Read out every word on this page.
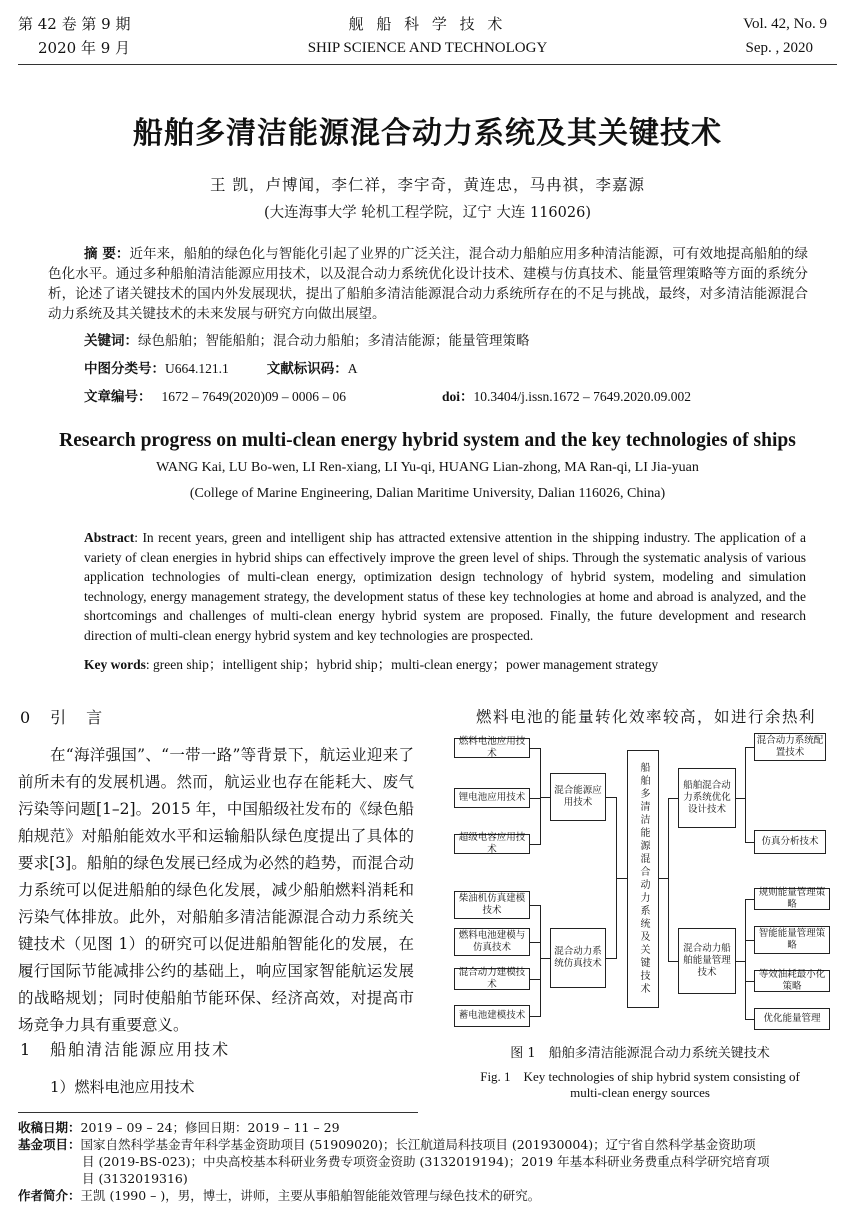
第 42 卷 第 9 期
2020 年 9 月
舰 船 科 学 技 术
SHIP SCIENCE AND TECHNOLOGY
Vol. 42, No. 9
Sep. , 2020
船舶多清洁能源混合动力系统及其关键技术
王 凯，卢博闻，李仁祥，李宇奇，黄连忠，马冉祺，李嘉源
(大连海事大学 轮机工程学院，辽宁 大连 116026)
摘 要：近年来，船舶的绿色化与智能化引起了业界的广泛关注，混合动力船舶应用多种清洁能源，可有效地提高船舶的绿色化水平。通过多种船舶清洁能源应用技术，以及混合动力系统优化设计技术、建模与仿真技术、能量管理策略等方面的系统分析，论述了诸关键技术的国内外发展现状，提出了船舶多清洁能源混合动力系统所存在的不足与挑战，最终，对多清洁能源混合动力系统及其关键技术的未来发展与研究方向做出展望。
关键词：绿色船舶；智能船舶；混合动力船舶；多清洁能源；能量管理策略
中图分类号：U664.121.1	文献标识码：A
文章编号： 1672 – 7649(2020)09 – 0006 – 06	doi：10.3404/j.issn.1672 – 7649.2020.09.002
Research progress on multi-clean energy hybrid system and the key technologies of ships
WANG Kai, LU Bo-wen, LI Ren-xiang, LI Yu-qi, HUANG Lian-zhong, MA Ran-qi, LI Jia-yuan
(College of Marine Engineering, Dalian Maritime University, Dalian 116026, China)
Abstract: In recent years, green and intelligent ship has attracted extensive attention in the shipping industry. The application of a variety of clean energies in hybrid ships can effectively improve the green level of ships. Through the systematic analysis of various application technologies of multi-clean energy, optimization design technology of hybrid system, modeling and simulation technology, energy management strategy, the development status of these key technologies at home and abroad is analyzed, and the shortcomings and challenges of multi-clean energy hybrid system are proposed. Finally, the future development and research direction of multi-clean energy hybrid system and key technologies are prospected.
Key words: green ship；intelligent ship；hybrid ship；multi-clean energy；power management strategy
0　引　言
在“海洋强国”、“一带一路”等背景下，航运业迎来了前所未有的发展机遇。然而，航运业也存在能耗大、废气污染等问题[1–2]。2015 年，中国船级社发布的《绿色船舶规范》对船舶能效水平和运输船队绿色度提出了具体的要求[3]。船舶的绿色发展已经成为必然的趋势，而混合动力系统可以促进船舶的绿色化发展，减少船舶燃料消耗和污染气体排放。此外，对船舶多清洁能源混合动力系统关键技术（见图 1）的研究可以促进船舶智能化的发展，在履行国际节能减排公约的基础上，响应国家智能航运发展的战略规划；同时使船舶节能环保、经济高效，对提高市场竞争力具有重要意义。
1　船舶清洁能源应用技术
1）燃料电池应用技术
燃料电池的能量转化效率较高，如进行余热利
船舶多清洁能源混合动力系统及关键技术
混合能源应用技术
混合动力系统仿真技术
船舶混合动力系统优化设计技术
混合动力船舶能量管理技术
燃料电池应用技术
锂电池应用技术
超级电容应用技术
柴油机仿真建模技术
燃料电池建模与仿真技术
混合动力建模技术
蓄电池建模技术
混合动力系统配置技术
仿真分析技术
规则能量管理策略
智能能量管理策略
等效油耗最小化策略
优化能量管理
图 1　船舶多清洁能源混合动力系统关键技术
Fig. 1　Key technologies of ship hybrid system consisting of
multi-clean energy sources
收稿日期：2019 – 09 – 24；修回日期：2019 – 11 – 29
基金项目：国家自然科学基金青年科学基金资助项目 (51909020)；长江航道局科技项目 (201930004)；辽宁省自然科学基金资助项
目 (2019-BS-023)；中央高校基本科研业务费专项资金资助 (3132019194)；2019 年基本科研业务费重点科学研究培育项
目 (3132019316)
作者简介：王凯 (1990 – )，男，博士，讲师，主要从事船舶智能能效管理与绿色技术的研究。
